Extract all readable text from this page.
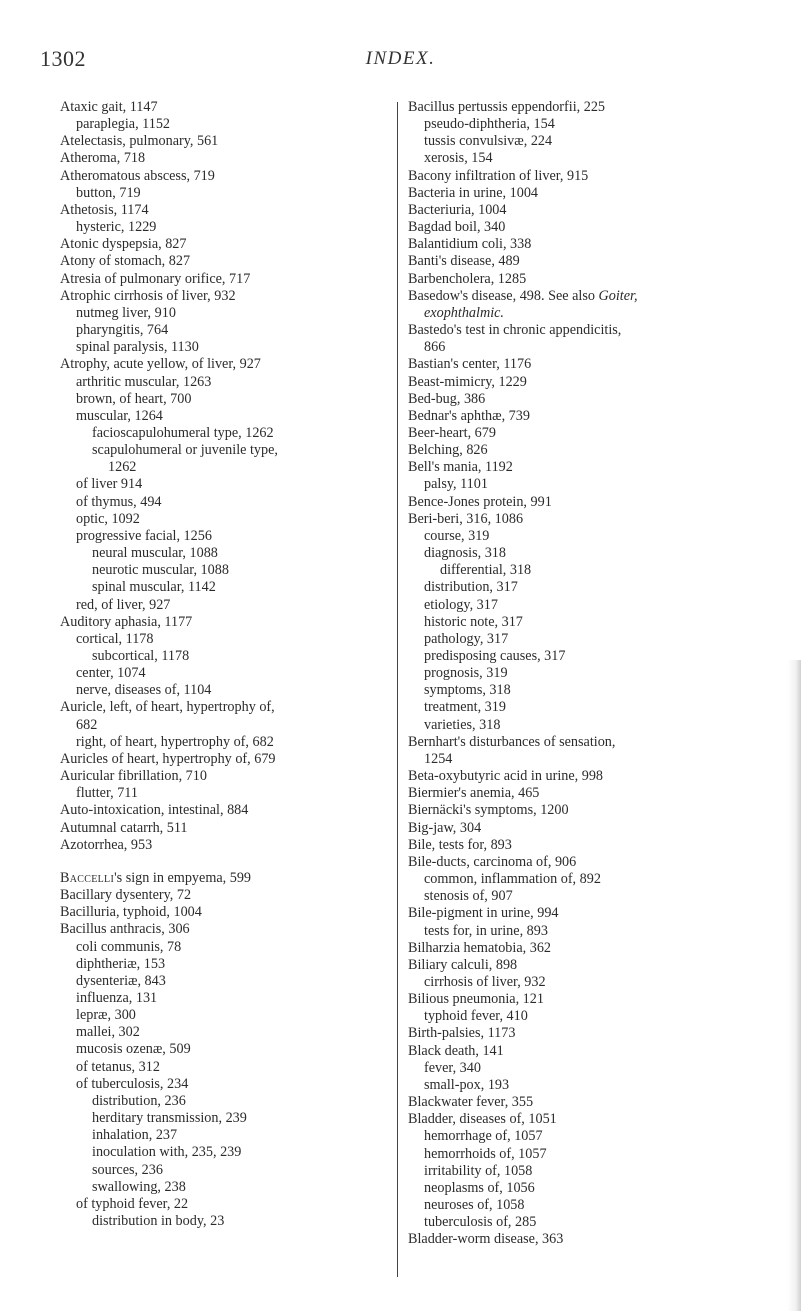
1302	INDEX.
Ataxic gait, 1147
paraplegia, 1152
Atelectasis, pulmonary, 561
Atheroma, 718
Atheromatous abscess, 719
button, 719
Athetosis, 1174
hysteric, 1229
Atonic dyspepsia, 827
Atony of stomach, 827
Atresia of pulmonary orifice, 717
Atrophic cirrhosis of liver, 932
nutmeg liver, 910
pharyngitis, 764
spinal paralysis, 1130
Atrophy, acute yellow, of liver, 927
arthritic muscular, 1263
brown, of heart, 700
muscular, 1264
facioscapulohumeral type, 1262
scapulohumeral or juvenile type,
1262
of liver 914
of thymus, 494
optic, 1092
progressive facial, 1256
neural muscular, 1088
neurotic muscular, 1088
spinal muscular, 1142
red, of liver, 927
Auditory aphasia, 1177
cortical, 1178
subcortical, 1178
center, 1074
nerve, diseases of, 1104
Auricle, left, of heart, hypertrophy of,
682
right, of heart, hypertrophy of, 682
Auricles of heart, hypertrophy of, 679
Auricular fibrillation, 710
flutter, 711
Auto-intoxication, intestinal, 884
Autumnal catarrh, 511
Azotorrhea, 953
Baccelli's sign in empyema, 599
Bacillary dysentery, 72
Bacilluria, typhoid, 1004
Bacillus anthracis, 306
coli communis, 78
diphtheriæ, 153
dysenteriæ, 843
influenza, 131
lepræ, 300
mallei, 302
mucosis ozenæ, 509
of tetanus, 312
of tuberculosis, 234
distribution, 236
herditary transmission, 239
inhalation, 237
inoculation with, 235, 239
sources, 236
swallowing, 238
of typhoid fever, 22
distribution in body, 23
Bacillus pertussis eppendorfii, 225
pseudo-diphtheria, 154
tussis convulsivæ, 224
xerosis, 154
Bacony infiltration of liver, 915
Bacteria in urine, 1004
Bacteriuria, 1004
Bagdad boil, 340
Balantidium coli, 338
Banti's disease, 489
Barbencholera, 1285
Basedow's disease, 498. See also Goiter,
exophthalmic.
Bastedo's test in chronic appendicitis,
866
Bastian's center, 1176
Beast-mimicry, 1229
Bed-bug, 386
Bednar's aphthæ, 739
Beer-heart, 679
Belching, 826
Bell's mania, 1192
palsy, 1101
Bence-Jones protein, 991
Beri-beri, 316, 1086
course, 319
diagnosis, 318
differential, 318
distribution, 317
etiology, 317
historic note, 317
pathology, 317
predisposing causes, 317
prognosis, 319
symptoms, 318
treatment, 319
varieties, 318
Bernhart's disturbances of sensation,
1254
Beta-oxybutyric acid in urine, 998
Biermier's anemia, 465
Biernäcki's symptoms, 1200
Big-jaw, 304
Bile, tests for, 893
Bile-ducts, carcinoma of, 906
common, inflammation of, 892
stenosis of, 907
Bile-pigment in urine, 994
tests for, in urine, 893
Bilharzia hematobia, 362
Biliary calculi, 898
cirrhosis of liver, 932
Bilious pneumonia, 121
typhoid fever, 410
Birth-palsies, 1173
Black death, 141
fever, 340
small-pox, 193
Blackwater fever, 355
Bladder, diseases of, 1051
hemorrhage of, 1057
hemorrhoids of, 1057
irritability of, 1058
neoplasms of, 1056
neuroses of, 1058
tuberculosis of, 285
Bladder-worm disease, 363
